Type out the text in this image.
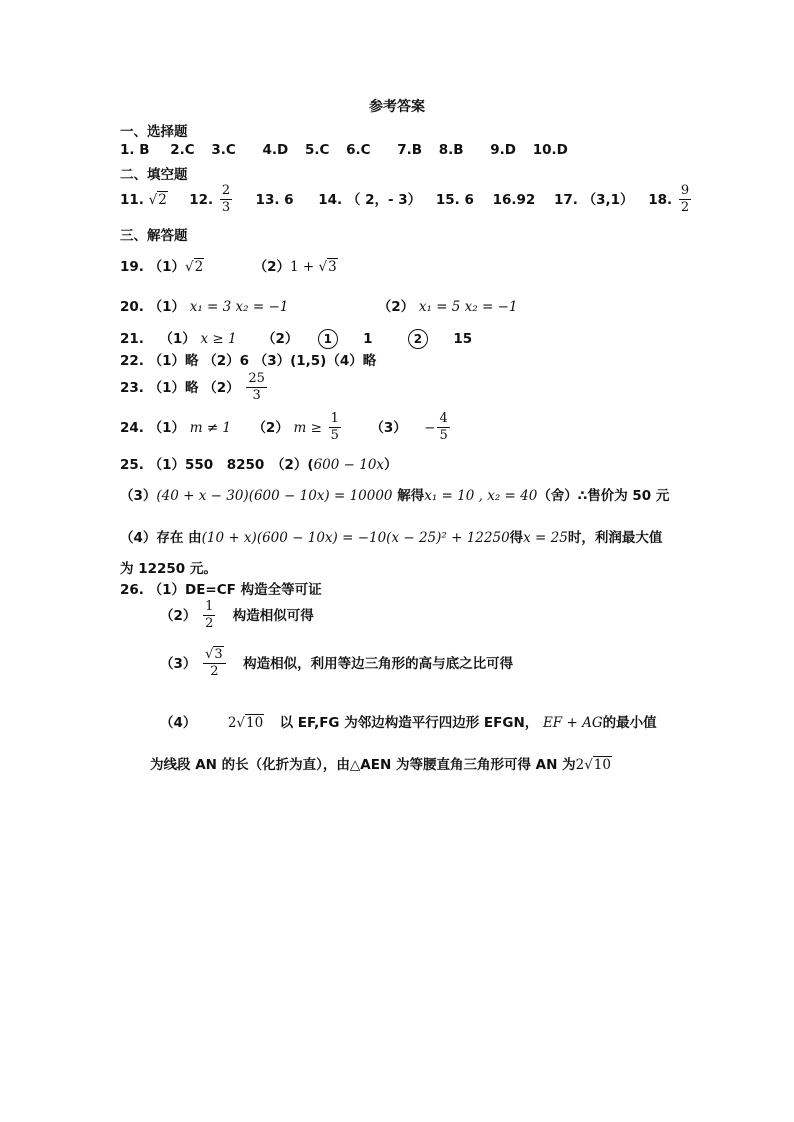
参考答案
一、选择题
1. B 2.C 3.C 4.D 5.C 6.C 7.B 8.B 9.D 10.D
二、填空题
11. √2 12. $\frac{2}{3} 13$. 6 14. （ 2，- 3） 15. 6 16.92 17. （3,1） 18. $\frac{9}{2}$
三、解答题
19. （1）√2	（2）1 + √3
20. （1） x₁ = 3 x₂ = −1	（2） x₁ = 5 x₂ = −1
21. （1） x ≥ 1 （2） 1 1	2 15
22. （1）略 （2）6 （3）(1,5)（4）略
23. （1）略 $(2) \frac{25}{3}$
24. （1） m ≠ 1 （2） $m \ge \frac{1}{5} (3) - \frac{4}{5}$
25. （1）550　8250　（2）(600 − 10x）
（3）(40 + x − 30)(600 − 10x) = 10000 解得x₁ = 10 , x₂ = 40（舍）∴售价为 50 元
（4）存在 由(10 + x)(600 − 10x) = −10(x − 25)² + 12250得x = 25时，利润最大值
为 12250 元。
26. （1）DE=CF 构造全等可证
$(2) \frac{1}{2}$ 构造相似可得
$(3) \frac{√3}{2}$ 构造相似，利用等边三角形的高与底之比可得
（4） 2√10 以 EF,FG 为邻边构造平行四边形 EFGN， EF + AG的最小值
为线段 AN 的长（化折为直），由△AEN 为等腰直角三角形可得 AN 为2√10
